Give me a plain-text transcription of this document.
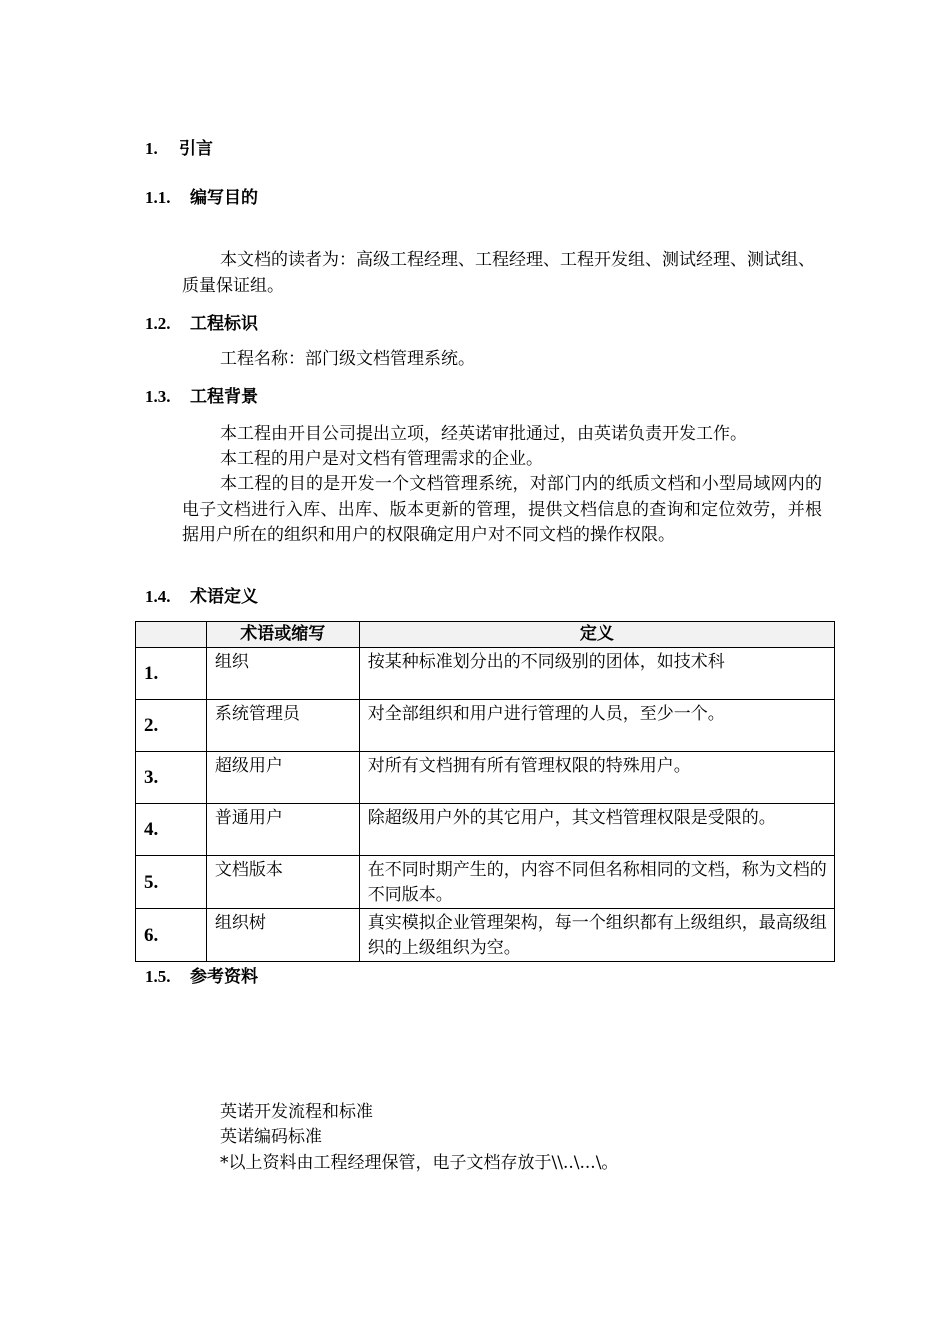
1. 引言
1.1. 编写目的

本文档的读者为：高级工程经理、工程经理、工程开发组、测试经理、测试组、质量保证组。

1.2. 工程标识

工程名称：部门级文档管理系统。

1.3. 工程背景

本工程由开目公司提出立项，经英诺审批通过，由英诺负责开发工作。

本工程的用户是对文档有管理需求的企业。

本工程的目的是开发一个文档管理系统，对部门内的纸质文档和小型局域网内的电子文档进行入库、出库、版本更新的管理，提供文档信息的查询和定位效劳，并根据用户所在的组织和用户的权限确定用户对不同文档的操作权限。

1.4. 术语定义
	术语或缩写	定义
1.	组织	按某种标准划分出的不同级别的团体，如技术科
2.	系统管理员	对全部组织和用户进行管理的人员，至少一个。
3.	超级用户	对所有文档拥有所有管理权限的特殊用户。
4.	普通用户	除超级用户外的其它用户，其文档管理权限是受限的。
5.	文档版本	在不同时期产生的，内容不同但名称相同的文档，称为文档的不同版本。
6.	组织树	真实模拟企业管理架构，每一个组织都有上级组织，最高级组织的上级组织为空。
1.5. 参考资料
英诺开发流程和标准
英诺编码标准
*以上资料由工程经理保管，电子文档存放于\\..\...\。
